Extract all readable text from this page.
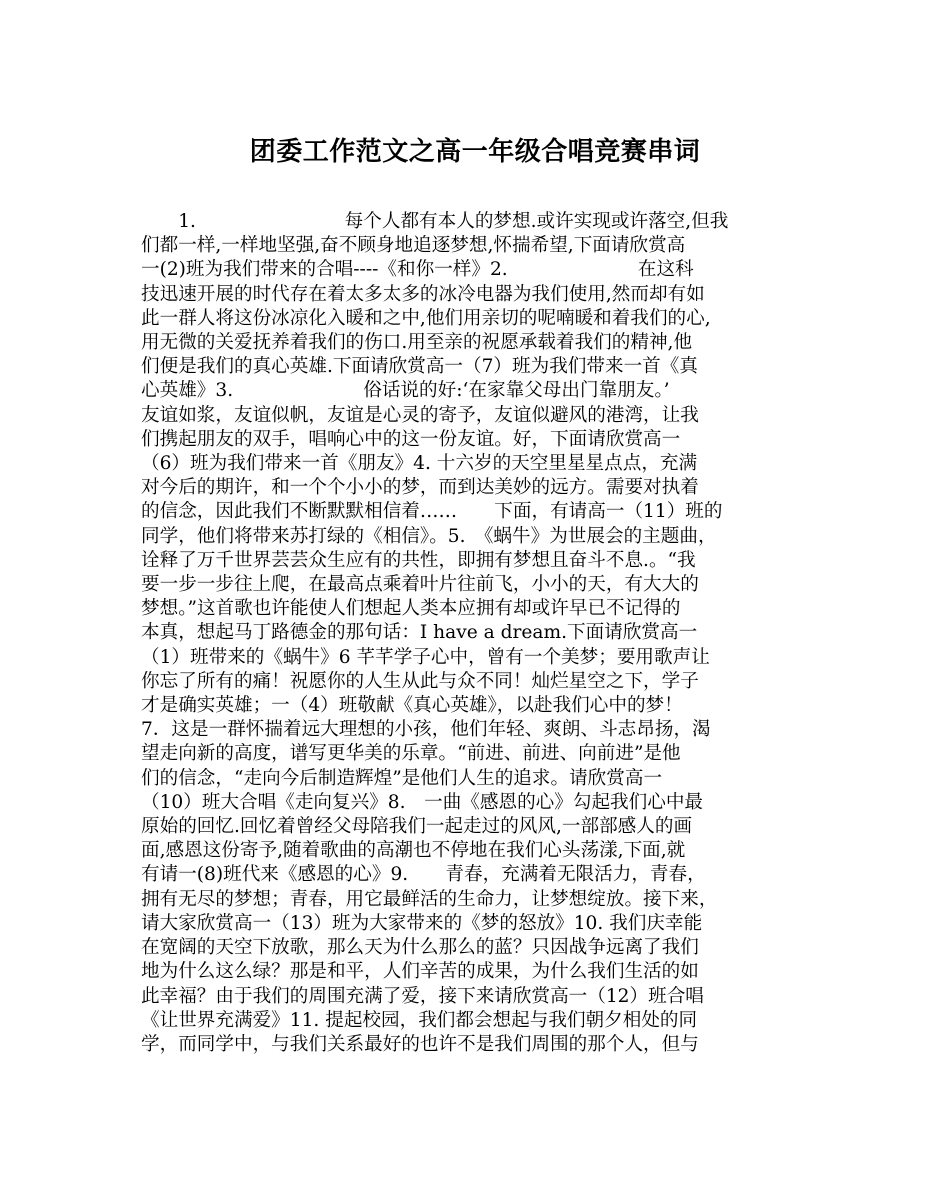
团委工作范文之高一年级合唱竞赛串词
　　1.　　　　　　　　每个人都有本人的梦想.或许实现或许落空,但我
们都一样,一样地坚强,奋不顾身地追逐梦想,怀揣希望,下面请欣赏高
一(2)班为我们带来的合唱----《和你一样》2.　　　　　　　在这科
技迅速开展的时代存在着太多太多的冰冷电器为我们使用,然而却有如
此一群人将这份冰凉化入暖和之中,他们用亲切的呢喃暖和着我们的心,
用无微的关爱抚养着我们的伤口.用至亲的祝愿承载着我们的精神,他
们便是我们的真心英雄.下面请欣赏高一（7）班为我们带来一首《真
心英雄》3.　　　　　　　俗话说的好:‘在家靠父母出门靠朋友。’
友谊如浆，友谊似帆，友谊是心灵的寄予，友谊似避风的港湾，让我
们携起朋友的双手，唱响心中的这一份友谊。好，下面请欣赏高一
（6）班为我们带来一首《朋友》4. 十六岁的天空里星星点点，充满
对今后的期许，和一个个小小的梦，而到达美妙的远方。需要对执着
的信念，因此我们不断默默相信着……　　下面，有请高一（11）班的
同学，他们将带来苏打绿的《相信》。5.　《蜗牛》为世展会的主题曲，
诠释了万千世界芸芸众生应有的共性，即拥有梦想且奋斗不息.。“我
要一步一步往上爬，在最高点乘着叶片往前飞，小小的天，有大大的
梦想。”这首歌也许能使人们想起人类本应拥有却或许早已不记得的
本真，想起马丁路德金的那句话：I have a dream.下面请欣赏高一
（1）班带来的《蜗牛》6 芊芊学子心中，曾有一个美梦；要用歌声让
你忘了所有的痛！祝愿你的人生从此与众不同！灿烂星空之下，学子
才是确实英雄；一（4）班敬献《真心英雄》，以赴我们心中的梦！
7．这是一群怀揣着远大理想的小孩，他们年轻、爽朗、斗志昂扬，渴
望走向新的高度，谱写更华美的乐章。“前进、前进、向前进”是他
们的信念，“走向今后制造辉煌”是他们人生的追求。请欣赏高一
（10）班大合唱《走向复兴》8.　一曲《感恩的心》勾起我们心中最
原始的回忆.回忆着曾经父母陪我们一起走过的风风,一部部感人的画
面,感恩这份寄予,随着歌曲的高潮也不停地在我们心头荡漾,下面,就
有请一(8)班代来《感恩的心》9.　　青春，充满着无限活力，青春，
拥有无尽的梦想；青春，用它最鲜活的生命力，让梦想绽放。接下来，
请大家欣赏高一（13）班为大家带来的《梦的怒放》10. 我们庆幸能
在宽阔的天空下放歌，那么天为什么那么的蓝？只因战争远离了我们
地为什么这么绿？那是和平，人们辛苦的成果，为什么我们生活的如
此幸福？由于我们的周围充满了爱，接下来请欣赏高一（12）班合唱
《让世界充满爱》11. 提起校园，我们都会想起与我们朝夕相处的同
学，而同学中，与我们关系最好的也许不是我们周围的那个人，但与
